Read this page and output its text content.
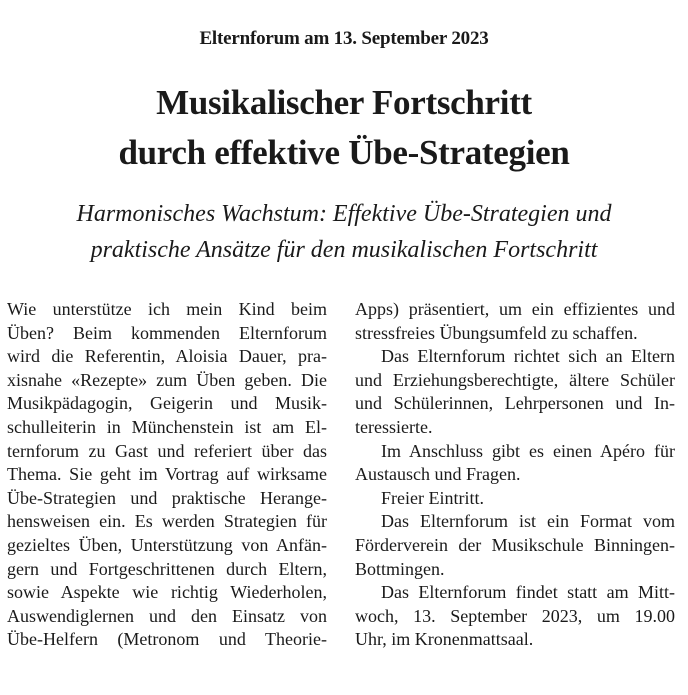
Elternforum am 13. September 2023
Musikalischer Fortschritt
durch effektive Übe-Strategien
Harmonisches Wachstum: Effektive Übe-Strategien und
praktische Ansätze für den musikalischen Fortschritt
Wie unterstütze ich mein Kind beim
Üben? Beim kommenden Elternforum
wird die Referentin, Aloisia Dauer, pra-
xisnahe «Rezepte» zum Üben geben. Die
Musikpädagogin, Geigerin und Musik-
schulleiterin in Münchenstein ist am El-
ternforum zu Gast und referiert über das
Thema. Sie geht im Vortrag auf wirksame
Übe-Strategien und praktische Herange-
hensweisen ein. Es werden Strategien für
gezieltes Üben, Unterstützung von Anfän-
gern und Fortgeschrittenen durch Eltern,
sowie Aspekte wie richtig Wiederholen,
Auswendiglernen und den Einsatz von
Übe-Helfern (Metronom und Theorie-
Apps) präsentiert, um ein effizientes und
stressfreies Übungsumfeld zu schaffen.
Das Elternforum richtet sich an Eltern
und Erziehungsberechtigte, ältere Schüler
und Schülerinnen, Lehrpersonen und In-
teressierte.
Im Anschluss gibt es einen Apéro für
Austausch und Fragen.
Freier Eintritt.
Das Elternforum ist ein Format vom
Förderverein der Musikschule Binningen-
Bottmingen.
Das Elternforum findet statt am Mitt-
woch, 13. September 2023, um 19.00
Uhr, im Kronenmattsaal.
